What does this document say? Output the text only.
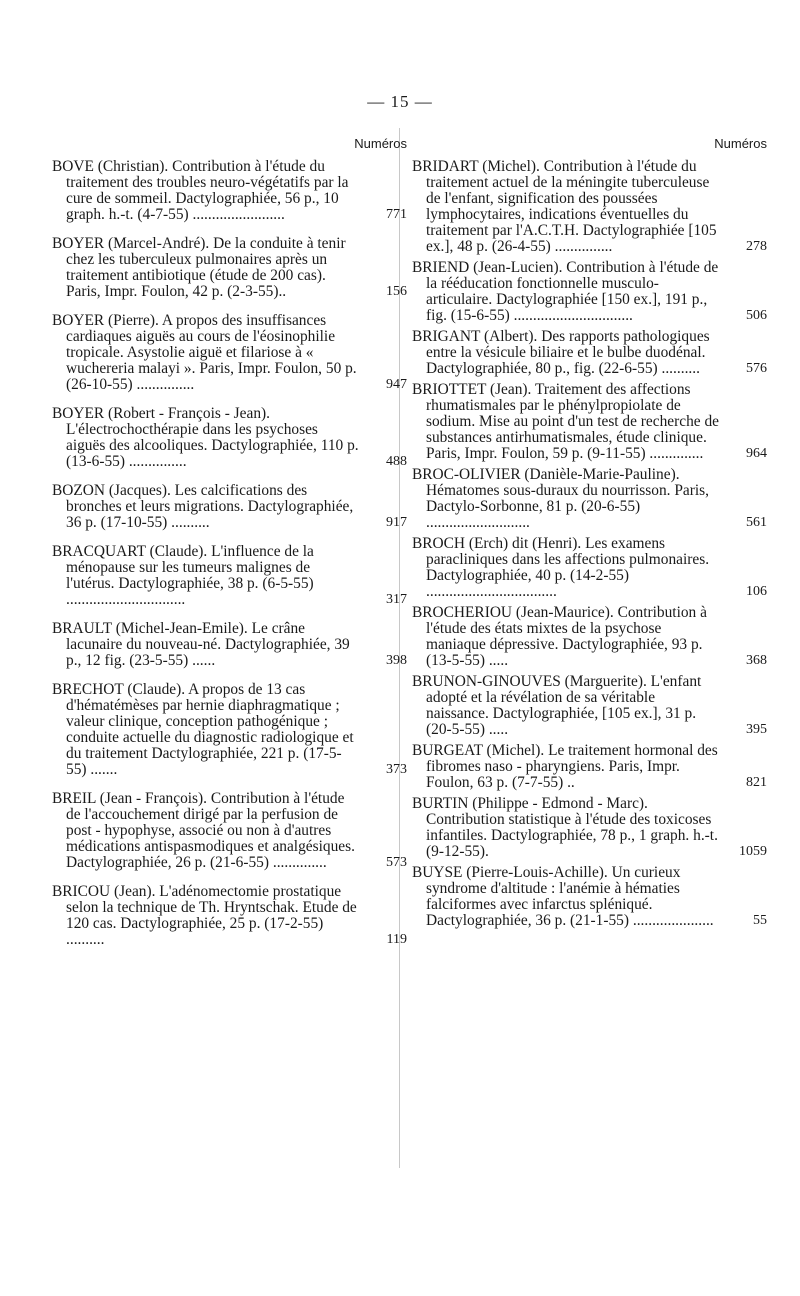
— 15 —
Numéros
BOVE (Christian). Contribution à l'étude du traitement des troubles neuro-végétatifs par la cure de sommeil. Dactylographiée, 56 p., 10 graph. h.-t. (4-7-55) ........................	771
BOYER (Marcel-André). De la conduite à tenir chez les tuberculeux pulmonaires après un traitement antibiotique (étude de 200 cas). Paris, Impr. Foulon, 42 p. (2-3-55)..	156
BOYER (Pierre). A propos des insuffisances cardiaques aiguës au cours de l'éosinophilie tropicale. Asystolie aiguë et filariose à « wuchereria malayi ». Paris, Impr. Foulon, 50 p. (26-10-55) ...............	947
BOYER (Robert - François - Jean). L'électrochocthérapie dans les psychoses aiguës des alcooliques. Dactylographiée, 110 p. (13-6-55) ...............	488
BOZON (Jacques). Les calcifications des bronches et leurs migrations. Dactylographiée, 36 p. (17-10-55) ..........	917
BRACQUART (Claude). L'influence de la ménopause sur les tumeurs malignes de l'utérus. Dactylographiée, 38 p. (6-5-55) ...............................	317
BRAULT (Michel-Jean-Emile). Le crâne lacunaire du nouveau-né. Dactylographiée, 39 p., 12 fig. (23-5-55) ......	398
BRECHOT (Claude). A propos de 13 cas d'hématémèses par hernie diaphragmatique ; valeur clinique, conception pathogénique ; conduite actuelle du diagnostic radiologique et du traitement Dactylographiée, 221 p. (17-5-55) .......	373
BREIL (Jean - François). Contribution à l'étude de l'accouchement dirigé par la perfusion de post - hypophyse, associé ou non à d'autres médications antispasmodiques et analgésiques. Dactylographiée, 26 p. (21-6-55) ..............	573
BRICOU (Jean). L'adénomectomie prostatique selon la technique de Th. Hryntschak. Etude de 120 cas. Dactylographiée, 25 p. (17-2-55) ..........	119
Numéros
BRIDART (Michel). Contribution à l'étude du traitement actuel de la méningite tuberculeuse de l'enfant, signification des poussées lymphocytaires, indications éventuelles du traitement par l'A.C.T.H. Dactylographiée [105 ex.], 48 p. (26-4-55) ...............	278
BRIEND (Jean-Lucien). Contribution à l'étude de la rééducation fonctionnelle musculo-articulaire. Dactylographiée [150 ex.], 191 p., fig. (15-6-55) ...............................	506
BRIGANT (Albert). Des rapports pathologiques entre la vésicule biliaire et le bulbe duodénal. Dactylographiée, 80 p., fig. (22-6-55) ..........	576
BRIOTTET (Jean). Traitement des affections rhumatismales par le phénylpropiolate de sodium. Mise au point d'un test de recherche de substances antirhumatismales, étude clinique. Paris, Impr. Foulon, 59 p. (9-11-55) ..............	964
BROC-OLIVIER (Danièle-Marie-Pauline). Hématomes sous-duraux du nourrisson. Paris, Dactylo-Sorbonne, 81 p. (20-6-55) ...........................	561
BROCH (Erch) dit (Henri). Les examens paracliniques dans les affections pulmonaires. Dactylographiée, 40 p. (14-2-55) ..................................	106
BROCHERIOU (Jean-Maurice). Contribution à l'étude des états mixtes de la psychose maniaque dépressive. Dactylographiée, 93 p. (13-5-55) .....	368
BRUNON-GINOUVES (Marguerite). L'enfant adopté et la révélation de sa véritable naissance. Dactylographiée, [105 ex.], 31 p. (20-5-55) .....	395
BURGEAT (Michel). Le traitement hormonal des fibromes naso - pharyngiens. Paris, Impr. Foulon, 63 p. (7-7-55) ..	821
BURTIN (Philippe - Edmond - Marc). Contribution statistique à l'étude des toxicoses infantiles. Dactylographiée, 78 p., 1 graph. h.-t. (9-12-55).	1059
BUYSE (Pierre-Louis-Achille). Un curieux syndrome d'altitude : l'anémie à hématies falciformes avec infarctus spléniqué. Dactylographiée, 36 p. (21-1-55) .....................	55
